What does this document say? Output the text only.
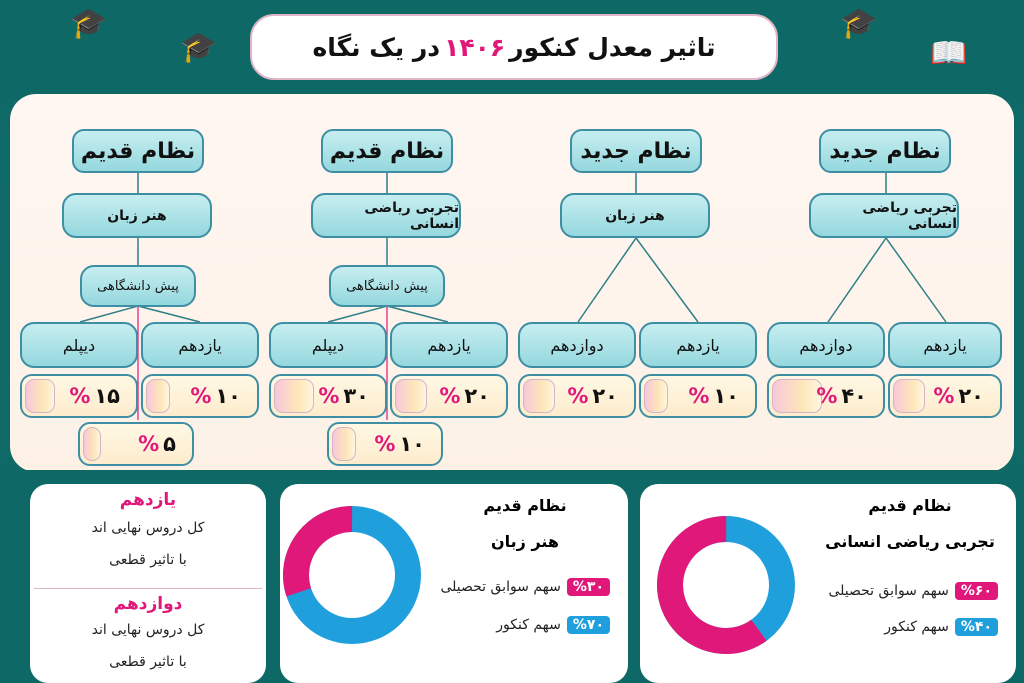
🎓
🎓
🎓
📖
تاثیر معدل کنکور
۱۴۰۶
در یک نگاه
نظام قدیم
هنر زبان
پیش دانشگاهی
دیپلم	یازدهم
% ۱۵	% ۱۰
% ۵
نظام قدیم
تجربی ریاضی انسانی
پیش دانشگاهی
دیپلم	یازدهم
% ۳۰	% ۲۰
% ۱۰
نظام جدید
هنر زبان
دوازدهم	یازدهم
% ۲۰	% ۱۰
نظام جدید
تجربی ریاضی انسانی
دوازدهم	یازدهم
% ۴۰	% ۲۰
یازدهم
کل دروس نهایی اند
با تاثیر قطعی
دوازدهم
کل دروس نهایی اند
با تاثیر قطعی
نظام قدیم
هنر زبان
%۳۰
سهم سوابق تحصیلی
%۷۰
سهم کنکور
نظام قدیم
تجربی ریاضی انسانی
%۶۰
سهم سوابق تحصیلی
%۴۰
سهم کنکور
